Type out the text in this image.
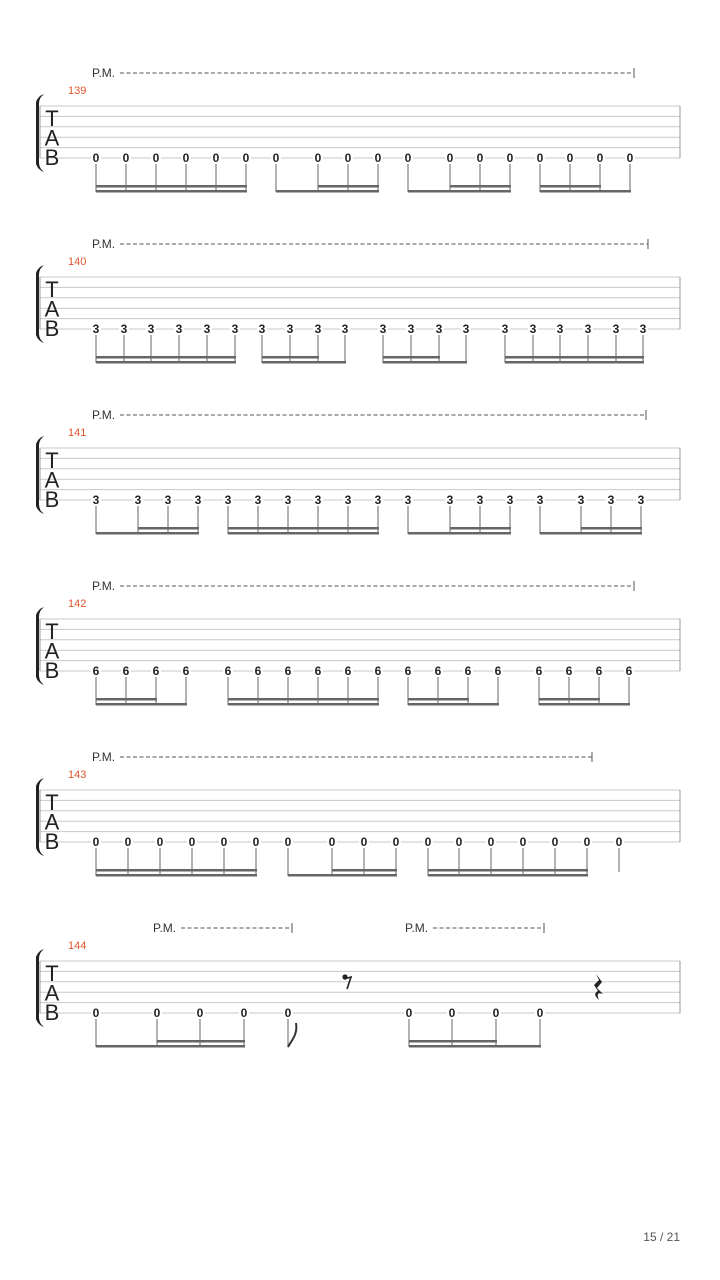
P.M.
139
T
A
B	0 0 0 0 0 0 0	0 0 0 0	0 0 0 0 0 0 0
P.M.
140
T
A
B	3 3 3 3 3 3 3 3 3 3	3 3 3 3	3 3 3 3 3 3
P.M.
141
T
A
B	3	3 3 3 3 3 3 3 3 3 3	3 3 3 3	3 3 3
P.M.
142
T
A
B	6 6 6 6	6 6 6 6 6 6 6 6 6 6	6 6 6 6
P.M.
143
T
A
B	0 0 0 0 0 0 0	0 0 0 0 0 0 0 0 0 0
P.M.	P.M.
144
T
A
B	0	0	0	0	0	0	0	0	0
15 / 21
